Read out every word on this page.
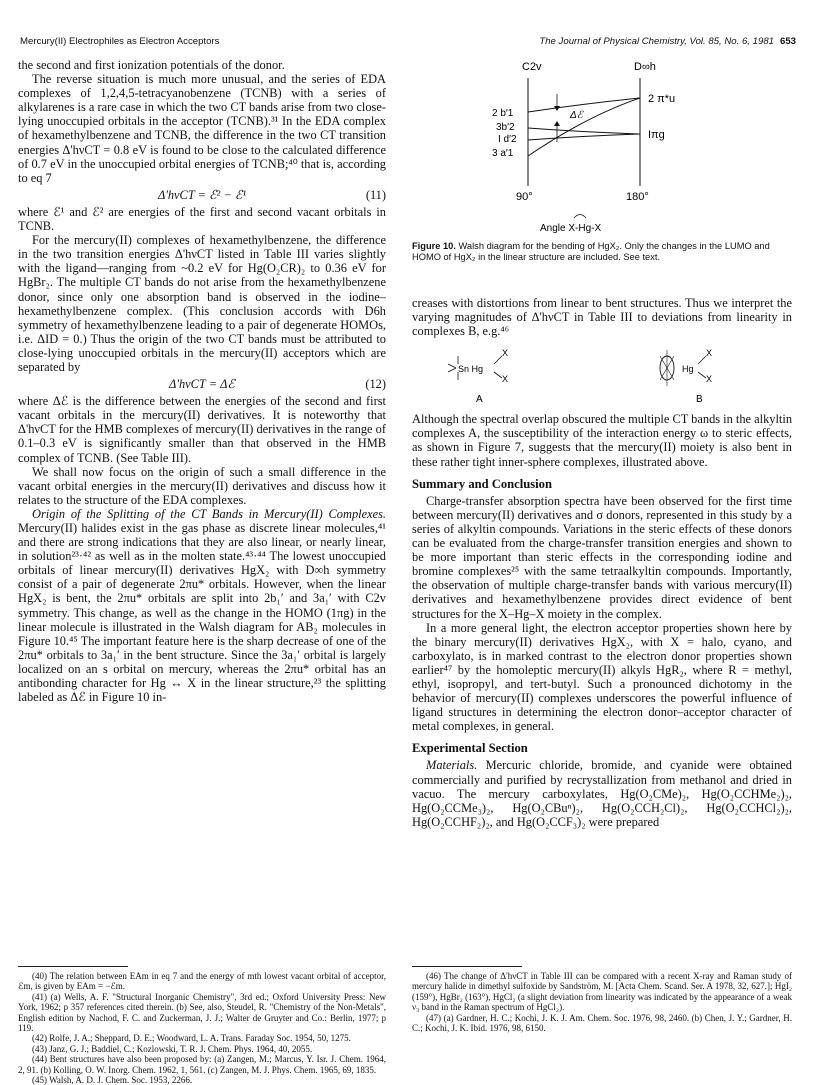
Mercury(II) Electrophiles as Electron Acceptors	The Journal of Physical Chemistry, Vol. 85, No. 6, 1981 653

the second and first ionization potentials of the donor.

The reverse situation is much more unusual, and the series of EDA complexes of 1,2,4,5-tetracyanobenzene (TCNB) with a series of alkylarenes is a rare case in which the two CT bands arise from two close-lying unoccupied orbitals in the acceptor (TCNB).³¹ In the EDA complex of hexamethylbenzene and TCNB, the difference in the two CT transition energies Δ'hνCT = 0.8 eV is found to be close to the calculated difference of 0.7 eV in the unoccupied orbital energies of TCNB;⁴⁰ that is, according to eq 7

Δ'hνCT = ℰ² − ℰ¹	(11)

where ℰ¹ and ℰ² are energies of the first and second vacant orbitals in TCNB.

For the mercury(II) complexes of hexamethylbenzene, the difference in the two transition energies Δ'hνCT listed in Table III varies slightly with the ligand—ranging from ~0.2 eV for Hg(O₂CR)₂ to 0.36 eV for HgBr₂. The multiple CT bands do not arise from the hexamethylbenzene donor, since only one absorption band is observed in the iodine–hexamethylbenzene complex. (This conclusion accords with D6h symmetry of hexamethylbenzene leading to a pair of degenerate HOMOs, i.e. ΔID = 0.) Thus the origin of the two CT bands must be attributed to close-lying unoccupied orbitals in the mercury(II) acceptors which are separated by

Δ'hνCT = Δℰ	(12)

where Δℰ is the difference between the energies of the second and first vacant orbitals in the mercury(II) derivatives. It is noteworthy that Δ'hνCT for the HMB complexes of mercury(II) derivatives in the range of 0.1–0.3 eV is significantly smaller than that observed in the HMB complex of TCNB. (See Table III).

We shall now focus on the origin of such a small difference in the vacant orbital energies in the mercury(II) derivatives and discuss how it relates to the structure of the EDA complexes.

Origin of the Splitting of the CT Bands in Mercury(II) Complexes. Mercury(II) halides exist in the gas phase as discrete linear molecules,⁴¹ and there are strong indications that they are also linear, or nearly linear, in solution²³·⁴² as well as in the molten state.⁴³·⁴⁴ The lowest unoccupied orbitals of linear mercury(II) derivatives HgX₂ with D∞h symmetry consist of a pair of degenerate 2πu* orbitals. However, when the linear HgX₂ is bent, the 2πu* orbitals are split into 2b₁′ and 3a₁′ with C2v symmetry. This change, as well as the change in the HOMO (1πg) in the linear molecule is illustrated in the Walsh diagram for AB₂ molecules in Figure 10.⁴⁵ The important feature here is the sharp decrease of one of the 2πu* orbitals to 3a₁′ in the bent structure. Since the 3a₁′ orbital is largely localized on an s orbital on mercury, whereas the 2πu* orbital has an antibonding character for Hg ↔ X in the linear structure,²³ the splitting labeled as Δℰ in Figure 10 in-

(40) The relation between EAm in eq 7 and the energy of mth lowest vacant orbital of acceptor, ℰm, is given by EAm = −ℰm.

(41) (a) Wells, A. F. "Structural Inorganic Chemistry", 3rd ed.; Oxford University Press: New York, 1962; p 357 references cited therein. (b) See, also, Steudel, R. "Chemistry of the Non-Metals", English edition by Nachod, F. C. and Zuckerman, J. J.; Walter de Gruyter and Co.: Berlin, 1977; p 119.

(42) Rolfe, J. A.; Sheppard, D. E.; Woodward, L. A. Trans. Faraday Soc. 1954, 50, 1275.

(43) Janz, G. J.; Baddiel, C.; Kozlowski, T. R. J. Chem. Phys. 1964, 40, 2055.

(44) Bent structures have also been proposed by: (a) Zangen, M.; Marcus, Y. Isr. J. Chem. 1964, 2, 91. (b) Kolling, O. W. Inorg. Chem. 1962, 1, 561. (c) Zangen, M. J. Phys. Chem. 1965, 69, 1835.

(45) Walsh, A. D. J. Chem. Soc. 1953, 2266.

C2v	D∞h
Δℰ
2 b′1
3b′2
I d′2
3 a′1
2 π*u
Iπg
90°	180°
Angle X-Hg-X
Figure 10. Walsh diagram for the bending of HgX₂. Only the changes in the LUMO and HOMO of HgX₂ in the linear structure are included. See text.

creases with distortions from linear to bent structures. Thus we interpret the varying magnitudes of Δ'hνCT in Table III to deviations from linearity in complexes B, e.g.⁴⁶

Sn Hg
X
X
A
Hg
X
X
B

Although the spectral overlap obscured the multiple CT bands in the alkyltin complexes A, the susceptibility of the interaction energy ω to steric effects, as shown in Figure 7, suggests that the mercury(II) moiety is also bent in these rather tight inner-sphere complexes, illustrated above.

Summary and Conclusion

Charge-transfer absorption spectra have been observed for the first time between mercury(II) derivatives and σ donors, represented in this study by a series of alkyltin compounds. Variations in the steric effects of these donors can be evaluated from the charge-transfer transition energies and shown to be more important than steric effects in the corresponding iodine and bromine complexes²⁵ with the same tetraalkyltin compounds. Importantly, the observation of multiple charge-transfer bands with various mercury(II) derivatives and hexamethylbenzene provides direct evidence of bent structures for the X–Hg–X moiety in the complex.

In a more general light, the electron acceptor properties shown here by the binary mercury(II) derivatives HgX₂, with X = halo, cyano, and carboxylato, is in marked contrast to the electron donor properties shown earlier⁴⁷ by the homoleptic mercury(II) alkyls HgR₂, where R = methyl, ethyl, isopropyl, and tert-butyl. Such a pronounced dichotomy in the behavior of mercury(II) complexes underscores the powerful influence of ligand structures in determining the electron donor–acceptor character of metal complexes, in general.

Experimental Section

Materials. Mercuric chloride, bromide, and cyanide were obtained commercially and purified by recrystallization from methanol and dried in vacuo. The mercury carboxylates, Hg(O₂CMe)₂, Hg(O₂CCHMe₂)₂, Hg(O₂CCMe₃)₂, Hg(O₂CBuⁿ)₂, Hg(O₂CCH₂Cl)₂, Hg(O₂CCHCl₂)₂, Hg(O₂CCHF₂)₂, and Hg(O₂CCF₃)₂ were prepared

(46) The change of Δ'hνCT in Table III can be compared with a recent X-ray and Raman study of mercury halide in dimethyl sulfoxide by Sandström, M. [Acta Chem. Scand. Ser. A 1978, 32, 627.]; HgI₂ (159°), HgBr₂ (163°), HgCl₂ (a slight deviation from linearity was indicated by the appearance of a weak ν₃ band in the Raman spectrum of HgCl₂).

(47) (a) Gardner, H. C.; Kochi, J. K. J. Am. Chem. Soc. 1976, 98, 2460. (b) Chen, J. Y.; Gardner, H. C.; Kochi, J. K. Ibid. 1976, 98, 6150.
